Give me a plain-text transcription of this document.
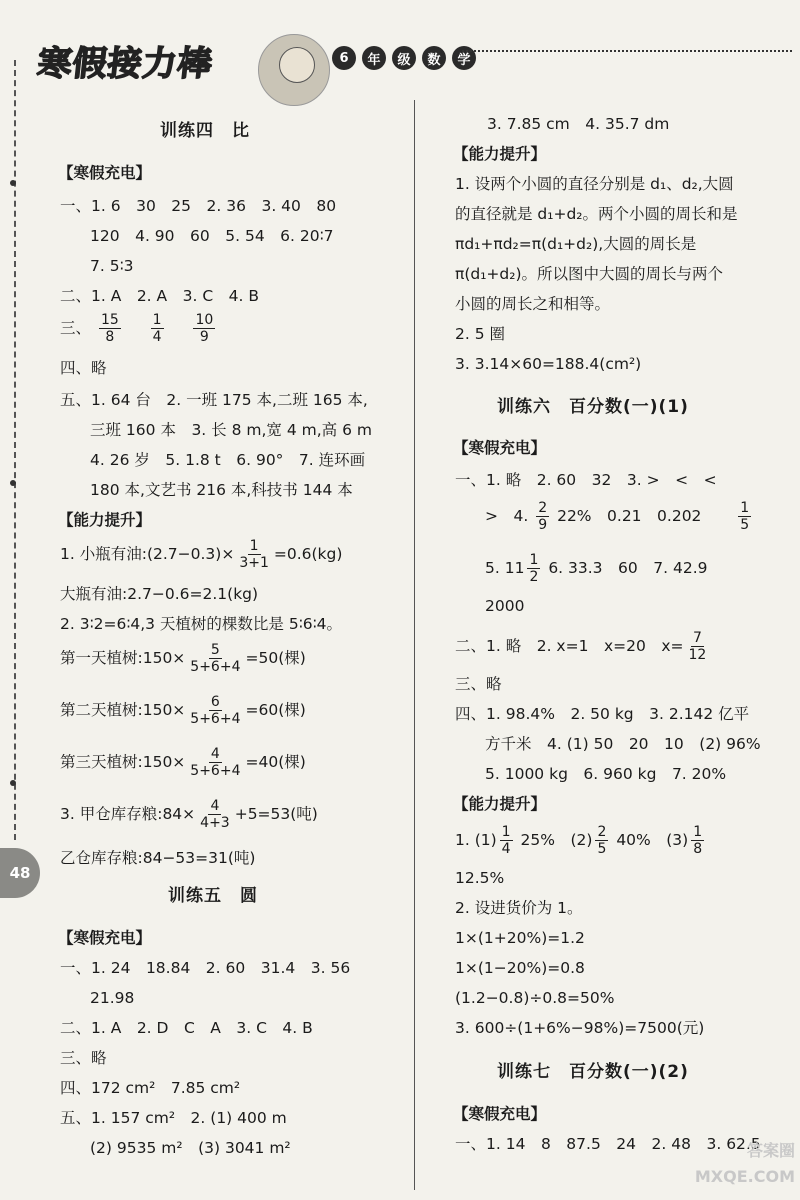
寒假接力棒	6	年	级	数	学
48
训练四　比
【寒假充电】
一、1. 6　30　25　2. 36　3. 40　80
120　4. 90　60　5. 54　6. 20∶7
7. 5∶3
二、1. A　2. A　3. C　4. B
三、 $\frac{15}{8}$
$\frac{1}{4}$
$\frac{10}{9}$
四、略
五、1. 64 台　2. 一班 175 本,二班 165 本,
三班 160 本　3. 长 8 m,宽 4 m,高 6 m
4. 26 岁　5. 1.8 t　6. 90°　7. 连环画
180 本,文艺书 216 本,科技书 144 本
【能力提升】
1. 小瓶有油:(2.7−0.3)× $\frac{1}{3+1} =0.6(kg)$
大瓶有油:2.7−0.6=2.1(kg)
2. 3∶2=6∶4,3 天植树的棵数比是 5∶6∶4。
第一天植树:150× $\frac{5}{5+6+4} =50$(棵)
第二天植树:150× $\frac{6}{5+6+4} =60$(棵)
第三天植树:150× $\frac{4}{5+6+4} =40$(棵)
3. 甲仓库存粮:84× $\frac{4}{4+3} +5=53$(吨)
乙仓库存粮:84−53=31(吨)
训练五　圆
【寒假充电】
一、1. 24　18.84　2. 60　31.4　3. 56
21.98
二、1. A　2. D　C　A　3. C　4. B
三、略
四、172 cm²　7.85 cm²
五、1. 157 cm²　2. (1) 400 m
(2) 9535 m²　(3) 3041 m²
3. 7.85 cm　4. 35.7 dm
【能力提升】
1. 设两个小圆的直径分别是 d₁、d₂,大圆
的直径就是 d₁+d₂。两个小圆的周长和是
πd₁+πd₂=π(d₁+d₂),大圆的周长是
π(d₁+d₂)。所以图中大圆的周长与两个
小圆的周长之和相等。
2. 5 圈
3. 3.14×60=188.4(cm²)
训练六　百分数(一)(1)
【寒假充电】
一、1. 略　2. 60　32　3. >　<　<
>　4. $\frac{2}{9} 22\%$　0.21　0.202	$\frac{1}{5}$
5. $11 \frac{1}{2} 6$. 33.3　60　7. 42.9
2000
二、1. 略　2. x=1　x=20　$x= \frac{7}{12}$
三、略
四、1. 98.4%　2. 50 kg　3. 2.142 亿平
方千米　4. (1) 50　20　10　(2) 96%
5. 1000 kg　6. 960 kg　7. 20%
【能力提升】
1. $(1) \frac{1}{4} 25\%$　$(2) \frac{2}{5} 40\%$　$(3) \frac{1}{8}$
12.5%
2. 设进货价为 1。
1×(1+20%)=1.2
1×(1−20%)=0.8
(1.2−0.8)÷0.8=50%
3. 600÷(1+6%−98%)=7500(元)
训练七　百分数(一)(2)
【寒假充电】
一、1. 14　8　87.5　24　2. 48　3. 62.5
答案圈
MXQE.COM
